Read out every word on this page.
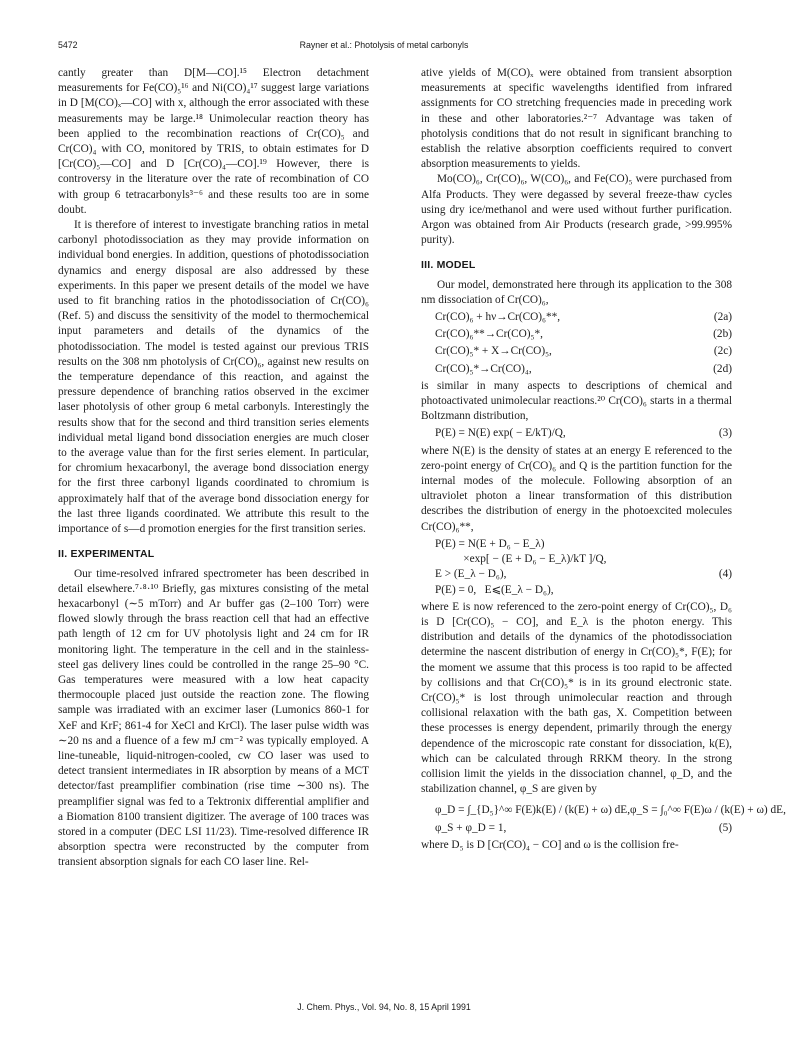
5472	Rayner et al.: Photolysis of metal carbonyls

cantly greater than D[M—CO].¹⁵ Electron detachment measurements for Fe(CO)₅¹⁶ and Ni(CO)₄¹⁷ suggest large variations in D [M(CO)ₓ—CO] with x, although the error associated with these measurements may be large.¹⁸ Unimolecular reaction theory has been applied to the recombination reactions of Cr(CO)₅ and Cr(CO)₄ with CO, monitored by TRIS, to obtain estimates for D [Cr(CO)₅—CO] and D [Cr(CO)₄—CO].¹⁹ However, there is controversy in the literature over the rate of recombination of CO with group 6 tetracarbonyls³⁻⁶ and these results too are in some doubt.

It is therefore of interest to investigate branching ratios in metal carbonyl photodissociation as they may provide information on individual bond energies. In addition, questions of photodissociation dynamics and energy disposal are also addressed by these experiments. In this paper we present details of the model we have used to fit branching ratios in the photodissociation of Cr(CO)₆ (Ref. 5) and discuss the sensitivity of the model to thermochemical input parameters and details of the dynamics of the photodissociation. The model is tested against our previous TRIS results on the 308 nm photolysis of Cr(CO)₆, against new results on the temperature dependance of this reaction, and against the pressure dependence of branching ratios observed in the excimer laser photolysis of other group 6 metal carbonyls. Interestingly the results show that for the second and third transition series elements individual metal ligand bond dissociation energies are much closer to the average value than for the first series element. In particular, for chromium hexacarbonyl, the average bond dissociation energy for the first three carbonyl ligands coordinated to chromium is approximately half that of the average bond dissociation energy for the last three ligands coordinated. We attribute this result to the importance of s—d promotion energies for the first transition series.

II. EXPERIMENTAL

Our time-resolved infrared spectrometer has been described in detail elsewhere.⁷·⁸·¹⁰ Briefly, gas mixtures consisting of the metal hexacarbonyl (∼5 mTorr) and Ar buffer gas (2–100 Torr) were flowed slowly through the brass reaction cell that had an effective path length of 12 cm for UV photolysis light and 24 cm for IR monitoring light. The temperature in the cell and in the stainless-steel gas delivery lines could be controlled in the range 25–90 °C. Gas temperatures were measured with a low heat capacity thermocouple placed just outside the reaction zone. The flowing sample was irradiated with an excimer laser (Lumonics 860-1 for XeF and KrF; 861-4 for XeCl and KrCl). The laser pulse width was ∼20 ns and a fluence of a few mJ cm⁻² was typically employed. A line-tuneable, liquid-nitrogen-cooled, cw CO laser was used to detect transient intermediates in IR absorption by means of a MCT detector/fast preamplifier combination (rise time ∼300 ns). The preamplifier signal was fed to a Tektronix differential amplifier and a Biomation 8100 transient digitizer. The average of 100 traces was stored in a computer (DEC LSI 11/23). Time-resolved difference IR absorption spectra were reconstructed by the computer from transient absorption signals for each CO laser line. Rel-

ative yields of M(CO)ₓ were obtained from transient absorption measurements at specific wavelengths identified from infrared assignments for CO stretching frequencies made in preceding work in these and other laboratories.²⁻⁷ Advantage was taken of photolysis conditions that do not result in significant branching to establish the relative absorption coefficients required to convert absorption measurements to yields.

Mo(CO)₆, Cr(CO)₆, W(CO)₆, and Fe(CO)₅ were purchased from Alfa Products. They were degassed by several freeze-thaw cycles using dry ice/methanol and were used without further purification. Argon was obtained from Air Products (research grade, >99.995% purity).

III. MODEL

Our model, demonstrated here through its application to the 308 nm dissociation of Cr(CO)₆,

Cr(CO)₆ + hν→Cr(CO)₆**,	(2a)
Cr(CO)₆**→Cr(CO)₅*,	(2b)
Cr(CO)₅* + X→Cr(CO)₅,	(2c)
Cr(CO)₅*→Cr(CO)₄,	(2d)

is similar in many aspects to descriptions of chemical and photoactivated unimolecular reactions.²⁰ Cr(CO)₆ starts in a thermal Boltzmann distribution,

P(E) = N(E) exp( − E/kT)/Q,	(3)

where N(E) is the density of states at an energy E referenced to the zero-point energy of Cr(CO)₆ and Q is the partition function for the internal modes of the molecule. Following absorption of an ultraviolet photon a linear transformation of this distribution describes the distribution of energy in the photoexcited molecules Cr(CO)₆**,

P(E) = N(E + D₆ − E_λ)
×exp[ − (E + D₆ − E_λ)/kT ]/Q,
E > (E_λ − D₆),	(4)
P(E) = 0,   E⩽(E_λ − D₆),

where E is now referenced to the zero-point energy of Cr(CO)₅, D₆ is D [Cr(CO)₅ − CO], and E_λ is the photon energy. This distribution and details of the dynamics of the photodissociation determine the nascent distribution of energy in Cr(CO)₅*, F(E); for the moment we assume that this process is too rapid to be affected by collisions and that Cr(CO)₅* is in its ground electronic state. Cr(CO)₅* is lost through unimolecular reaction and through collisional relaxation with the bath gas, X. Competition between these processes is energy dependent, primarily through the energy dependence of the microscopic rate constant for dissociation, k(E), which can be calculated through RRKM theory. In the strong collision limit the yields in the dissociation channel, φ_D, and the stabilization channel, φ_S are given by

φ_D = ∫_{D₅}^∞ F(E)k(E) / (k(E) + ω) dE, φ_S = ∫₀^∞ F(E)ω / (k(E) + ω) dE,
φ_S + φ_D = 1,	(5)

where D₅ is D [Cr(CO)₄ − CO] and ω is the collision fre-

J. Chem. Phys., Vol. 94, No. 8, 15 April 1991
